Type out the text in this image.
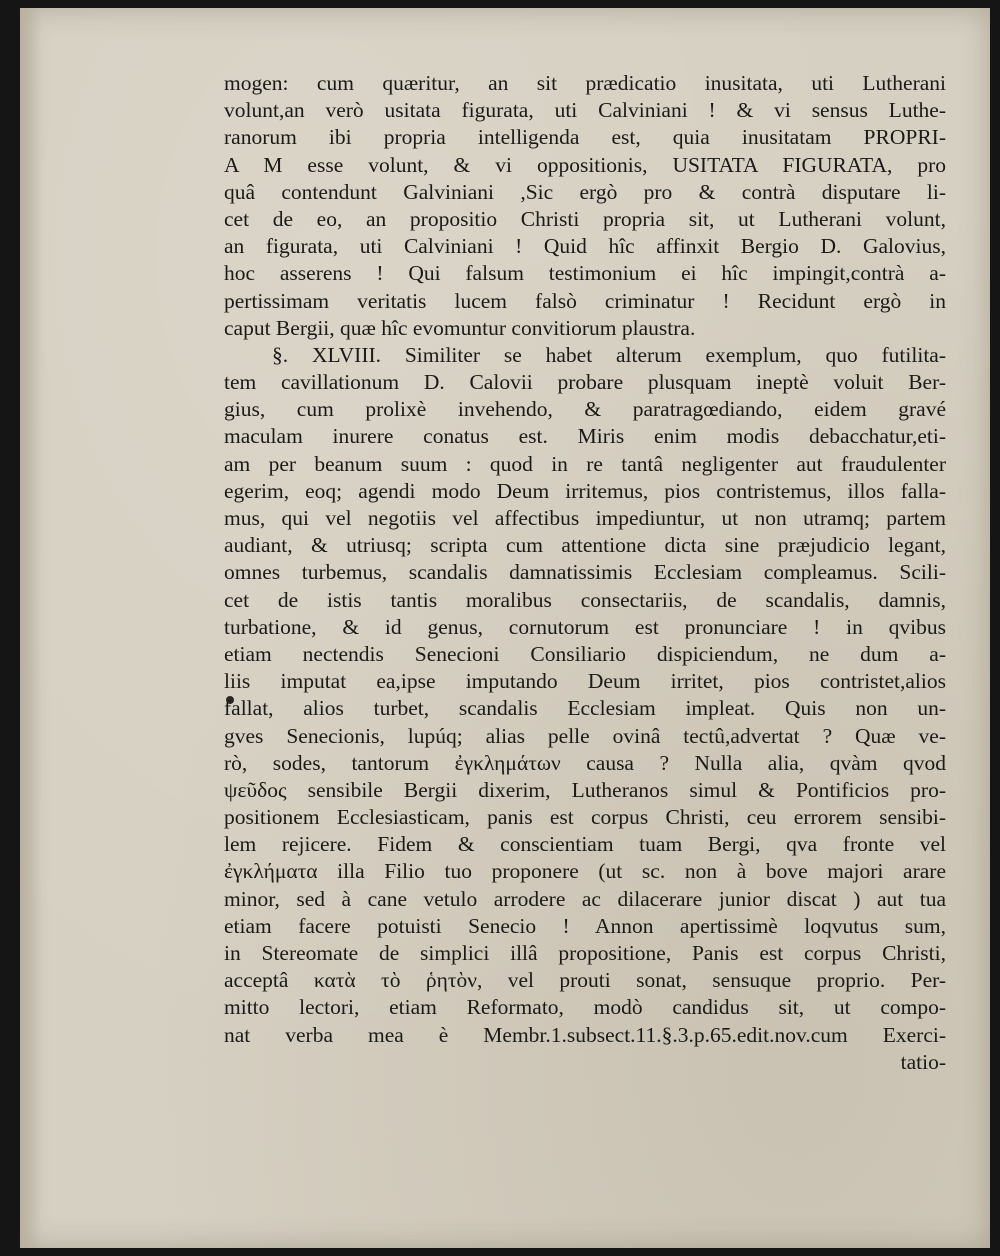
mogen: cum quæritur, an sit prædicatio inusitata, uti Lutherani
volunt,an verò usitata figurata, uti Calviniani ! & vi sensus Luthe-
ranorum ibi propria intelligenda est, quia inusitatam PROPRI-
A M esse volunt, & vi oppositionis, USITATA FIGURATA, pro
quâ contendunt Galviniani ,Sic ergò pro & contrà disputare li-
cet de eo, an propositio Christi propria sit, ut Lutherani volunt,
an figurata, uti Calviniani ! Quid hîc affinxit Bergio D. Galovius,
hoc asserens ! Qui falsum testimonium ei hîc impingit,contrà a-
pertissimam veritatis lucem falsò criminatur ! Recidunt ergò in
caput Bergii, quæ hîc evomuntur convitiorum plaustra.
§. XLVIII. Similiter se habet alterum exemplum, quo futilita-
tem cavillationum D. Calovii probare plusquam ineptè voluit Ber-
gius, cum prolixè invehendo, & paratragœdiando, eidem gravé
maculam inurere conatus est. Miris enim modis debacchatur,eti-
am per beanum suum : quod in re tantâ negligenter aut fraudulenter
egerim, eoq; agendi modo Deum irritemus, pios contristemus, illos falla-
mus, qui vel negotiis vel affectibus impediuntur, ut non utramq; partem
audiant, & utriusq; scripta cum attentione dicta sine præjudicio legant,
omnes turbemus, scandalis damnatissimis Ecclesiam compleamus. Scili-
cet de istis tantis moralibus consectariis, de scandalis, damnis,
turbatione, & id genus, cornutorum est pronunciare ! in qvibus
etiam nectendis Senecioni Consiliario dispiciendum, ne dum a-
liis imputat ea,ipse imputando Deum irritet, pios contristet,alios
fallat, alios turbet, scandalis Ecclesiam impleat. Quis non un-
gves Senecionis, lupúq; alias pelle ovinâ tectû,advertat ? Quæ ve-
rò, sodes, tantorum ἐγκλημάτων causa ? Nulla alia, qvàm qvod
ψεῦδος sensibile Bergii dixerim, Lutheranos simul & Pontificios pro-
positionem Ecclesiasticam, panis est corpus Christi, ceu errorem sensibi-
lem rejicere. Fidem & conscientiam tuam Bergi, qva fronte vel
ἐγκλήματα illa Filio tuo proponere (ut sc. non à bove majori arare
minor, sed à cane vetulo arrodere ac dilacerare junior discat ) aut tua
etiam facere potuisti Senecio ! Annon apertissimè loqvutus sum,
in Stereomate de simplici illâ propositione, Panis est corpus Christi,
acceptâ κατὰ τὸ ῥητὸν, vel prouti sonat, sensuque proprio. Per-
mitto lectori, etiam Reformato, modò candidus sit, ut compo-
nat verba mea è Membr.1.subsect.11.§.3.p.65.edit.nov.cum Exerci-
tatio-
